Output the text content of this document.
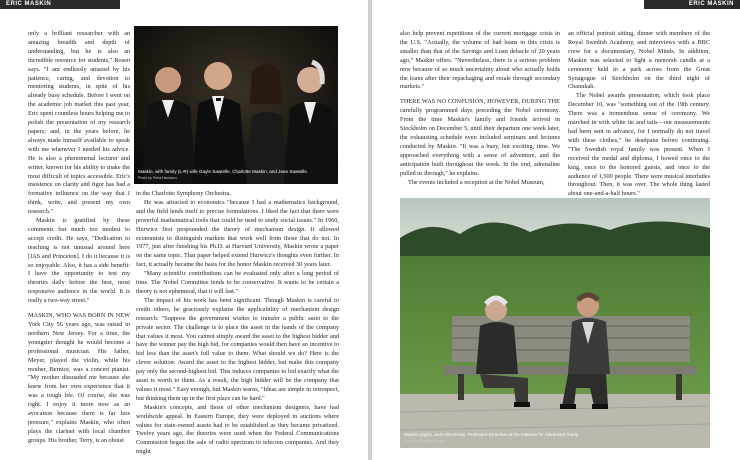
ERIC MASKIN

only a brilliant researcher with an amazing breadth and depth of understanding, but he is also an incredible resource for students," Rosen says. "I am endlessly amazed by his patience, caring, and devotion to mentoring students, in spite of his already busy schedule. Before I went on the academic job market this past year, Eric spent countless hours helping me to polish the presentation of my research papers; and, in the years before, he always made himself available to speak with me whenever I needed his advice. He is also a phenomenal lecturer and writer, known for his ability to make the most difficult of topics accessible. Eric's insistence on clarity and rigor has had a formative influence on the way that I think, write, and present my own research."

Maskin is gratified by these comments but much too modest to accept credit. He says, "Dedication to teaching is not unusual around here [IAS and Princeton]. I do it because it is so enjoyable. Also, it has a side benefit: I have the opportunity to test my theories daily before the best, most responsive audience in the world. It is really a two-way street."

MASKIN, WHO WAS BORN IN NEW York City 56 years ago, was raised in northern New Jersey. For a time, the youngster thought he would become a professional musician. His father, Meyer, played the violin, while his mother, Bernice, was a concert pianist. "My mother dissuaded me because she knew from her own experience that it was a tough life. Of course, she was right. I enjoy it more now as an avocation because there is far less pressure," explains Maskin, who often plays the clarinet with local chamber groups. His brother, Terry, is an oboist

Maskin, with family (L-R) wife Gayle Sawtelle, Charlotte Maskin, and Jean Sawtelle.
Photo by Petra Harmann

in the Charlotte Symphony Orchestra.

He was attracted to economics "because I had a mathematics background, and the field lends itself to precise formulations. I liked the fact that there were powerful mathematical tools that could be used to study social issues." In 1960, Hurwicz first propounded the theory of mechanism design. It allowed economists to distinguish markets that work well from those that do not. In 1977, just after finishing his Ph.D. at Harvard University, Maskin wrote a paper on the same topic. That paper helped extend Hurwicz's thoughts even further. In fact, it actually became the basis for the honor Maskin received 30 years later.

"Many scientific contributions can be evaluated only after a long period of time. The Nobel Committee tends to be conservative. It wants to be certain a theory is not ephemeral, that it will last."

The impact of his work has been significant. Though Maskin is careful to credit others, he graciously explains the applicability of mechanism design research: "Suppose the government wishes to transfer a public asset to the private sector. The challenge is to place the asset in the hands of the company that values it most. You cannot simply award the asset to the highest bidder and have the winner pay the high bid, for companies would then have an incentive to bid less than the asset's full value to them. What should we do? Here is the clever solution: Award the asset to the highest bidder, but make this company pay only the second-highest bid. This induces companies to bid exactly what the asset is worth to them. As a result, the high bidder will be the company that values it most." Easy enough, but Maskin warns, "Ideas are simple in retrospect, but thinking them up in the first place can be hard."

Maskin's concepts, and those of other mechanism designers, have had worldwide appeal. In Eastern Europe, they were deployed in auctions where values for state-owned assets had to be established as they became privatized. Twelve years ago, the theories were used when the Federal Communications Commission began the sale of radio spectrum to telecom companies. And they might

ERIC MASKIN

also help prevent repetitions of the current mortgage crisis in the U.S. "Actually, the volume of bad loans in this crisis is smaller than that of the Savings and Loan debacle of 20 years ago," Maskin offers. "Nevertheless, there is a serious problem now because of so much uncertainty about who actually holds the loans after their repackaging and resale through secondary markets."

THERE WAS NO CONFUSION, HOWEVER, DURING THE carefully programmed days preceding the Nobel ceremony. From the time Maskin's family and friends arrived in Stockholm on December 5, until their departure one week later, the exhausting schedule even included seminars and lectures conducted by Maskin. "It was a busy, but exciting, time. We approached everything with a sense of adventure, and the anticipation built throughout the week. In the end, adrenaline pulled us through," he explains.

The events included a reception at the Nobel Museum,

an official portrait sitting, dinner with members of the Royal Swedish Academy, and interviews with a BBC crew for a documentary, Nobel Minds. In addition, Maskin was selected to light a menorah candle at a ceremony held in a park across from the Great Synagogue of Stockholm on the third night of Chanukah.

The Nobel awards presentation, which took place December 10, was "something out of the 19th century. There was a tremendous sense of ceremony. We marched in with white tie and tails—our measurements had been sent in advance, for I normally do not travel with these clothes," he deadpans before continuing. "The Swedish royal family was present. When I received the medal and diploma, I bowed once to the king, once to the honored guests, and once to the audience of 1,500 people. There were musical interludes throughout. Then, it was over. The whole thing lasted about one-and-a-half hours."

Maskin (right), and Hirschman, Professor Emeritus at the Institute for Advanced Study.
Photo by Christine Ferrara
